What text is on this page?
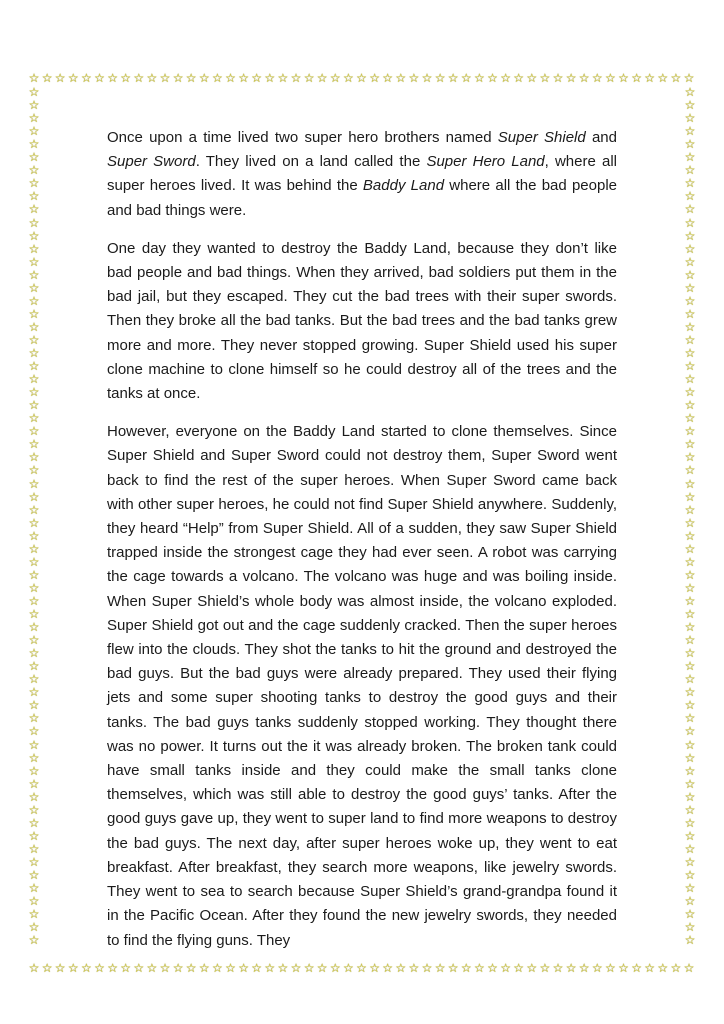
☆ ☆ ☆ ☆ ☆ ☆ ☆ ☆ ☆ ☆ ☆ ☆ ☆ ☆ ☆ ☆ ☆ ☆ ☆ ☆ ☆ ☆ ☆ ☆ ☆ ☆ ☆ ☆ ☆ ☆ ☆ ☆ ☆ ☆ ☆ ☆ ☆ ☆ ☆ ☆ ☆ ☆ ☆ ☆ ☆ ☆ ☆ ☆ ☆ ☆ ☆
☆ ☆ ☆ ☆ ☆ ☆ ☆ ☆ ☆ ☆ ☆ ☆ ☆ ☆ ☆ ☆ ☆ ☆ ☆ ☆ ☆ ☆ ☆ ☆ ☆ ☆ ☆ ☆ ☆ ☆ ☆ ☆ ☆ ☆ ☆ ☆ ☆ ☆ ☆ ☆ ☆ ☆ ☆ ☆ ☆ ☆ ☆ ☆ ☆ ☆ ☆
☆
☆
☆
☆
☆
☆
☆
☆
☆
☆
☆
☆
☆
☆
☆
☆
☆
☆
☆
☆
☆
☆
☆
☆
☆
☆
☆
☆
☆
☆
☆
☆
☆
☆
☆
☆
☆
☆
☆
☆
☆
☆
☆
☆
☆
☆
☆
☆
☆
☆
☆
☆
☆
☆
☆
☆
☆
☆
☆
☆
☆
☆
☆
☆
☆
☆
☆
☆
☆
☆
☆
☆
☆
☆
☆
☆
☆
☆
☆
☆
☆
☆
☆
☆
☆
☆
☆
☆
☆
☆
☆
☆
☆
☆
☆
☆
☆
☆
☆
☆
☆
☆
☆
☆
☆
☆
☆
☆
☆
☆
☆
☆
☆
☆
☆
☆
☆
☆
☆
☆
☆
☆
☆
☆
☆
☆
☆
☆
☆
☆
☆
☆

Once upon a time lived two super hero brothers named Super Shield and Super Sword. They lived on a land called the Super Hero Land, where all super heroes lived. It was behind the Baddy Land where all the bad people and bad things were.

One day they wanted to destroy the Baddy Land, because they don’t like bad people and bad things. When they arrived, bad soldiers put them in the bad jail, but they escaped. They cut the bad trees with their super swords. Then they broke all the bad tanks. But the bad trees and the bad tanks grew more and more. They never stopped growing. Super Shield used his super clone machine to clone himself so he could destroy all of the trees and the tanks at once.

However, everyone on the Baddy Land started to clone themselves. Since Super Shield and Super Sword could not destroy them, Super Sword went back to find the rest of the super heroes. When Super Sword came back with other super heroes, he could not find Super Shield anywhere. Suddenly, they heard “Help” from Super Shield. All of a sudden, they saw Super Shield trapped inside the strongest cage they had ever seen. A robot was carrying the cage towards a volcano. The volcano was huge and was boiling inside. When Super Shield’s whole body was almost inside, the volcano exploded. Super Shield got out and the cage suddenly cracked. Then the super heroes flew into the clouds. They shot the tanks to hit the ground and destroyed the bad guys. But the bad guys were already prepared. They used their flying jets and some super shooting tanks to destroy the good guys and their tanks. The bad guys tanks suddenly stopped working. They thought there was no power. It turns out the it was already broken. The broken tank could have small tanks inside and they could make the small tanks clone themselves, which was still able to destroy the good guys’ tanks. After the good guys gave up, they went to super land to find more weapons to destroy the bad guys. The next day, after super heroes woke up, they went to eat breakfast. After breakfast, they search more weapons, like jewelry swords. They went to sea to search because Super Shield’s grand-grandpa found it in the Pacific Ocean. After they found the new jewelry swords, they needed to find the flying guns. They
